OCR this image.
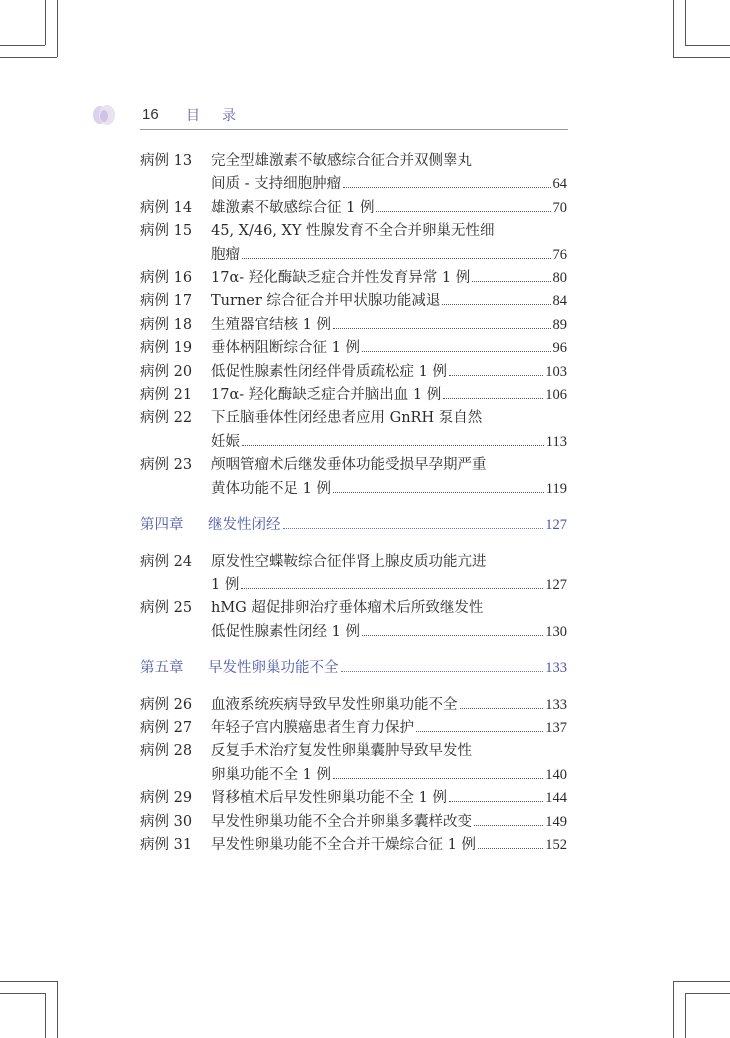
16 目录
病例 13	完全型雄激素不敏感综合征合并双侧睾丸
间质 - 支持细胞肿瘤	64
病例 14	雄激素不敏感综合征 1 例	70
病例 15	45, X/46, XY 性腺发育不全合并卵巢无性细
胞瘤	76
病例 16	17α- 羟化酶缺乏症合并性发育异常 1 例	80
病例 17	Turner 综合征合并甲状腺功能减退	84
病例 18	生殖器官结核 1 例	89
病例 19	垂体柄阻断综合征 1 例	96
病例 20	低促性腺素性闭经伴骨质疏松症 1 例	103
病例 21	17α- 羟化酶缺乏症合并脑出血 1 例	106
病例 22	下丘脑垂体性闭经患者应用 GnRH 泵自然
妊娠	113
病例 23	颅咽管瘤术后继发垂体功能受损早孕期严重
黄体功能不足 1 例	119
第四章	继发性闭经	127
病例 24	原发性空蝶鞍综合征伴肾上腺皮质功能亢进
1 例	127
病例 25	hMG 超促排卵治疗垂体瘤术后所致继发性
低促性腺素性闭经 1 例	130
第五章	早发性卵巢功能不全	133
病例 26	血液系统疾病导致早发性卵巢功能不全	133
病例 27	年轻子宫内膜癌患者生育力保护	137
病例 28	反复手术治疗复发性卵巢囊肿导致早发性
卵巢功能不全 1 例	140
病例 29	肾移植术后早发性卵巢功能不全 1 例	144
病例 30	早发性卵巢功能不全合并卵巢多囊样改变	149
病例 31	早发性卵巢功能不全合并干燥综合征 1 例	152
